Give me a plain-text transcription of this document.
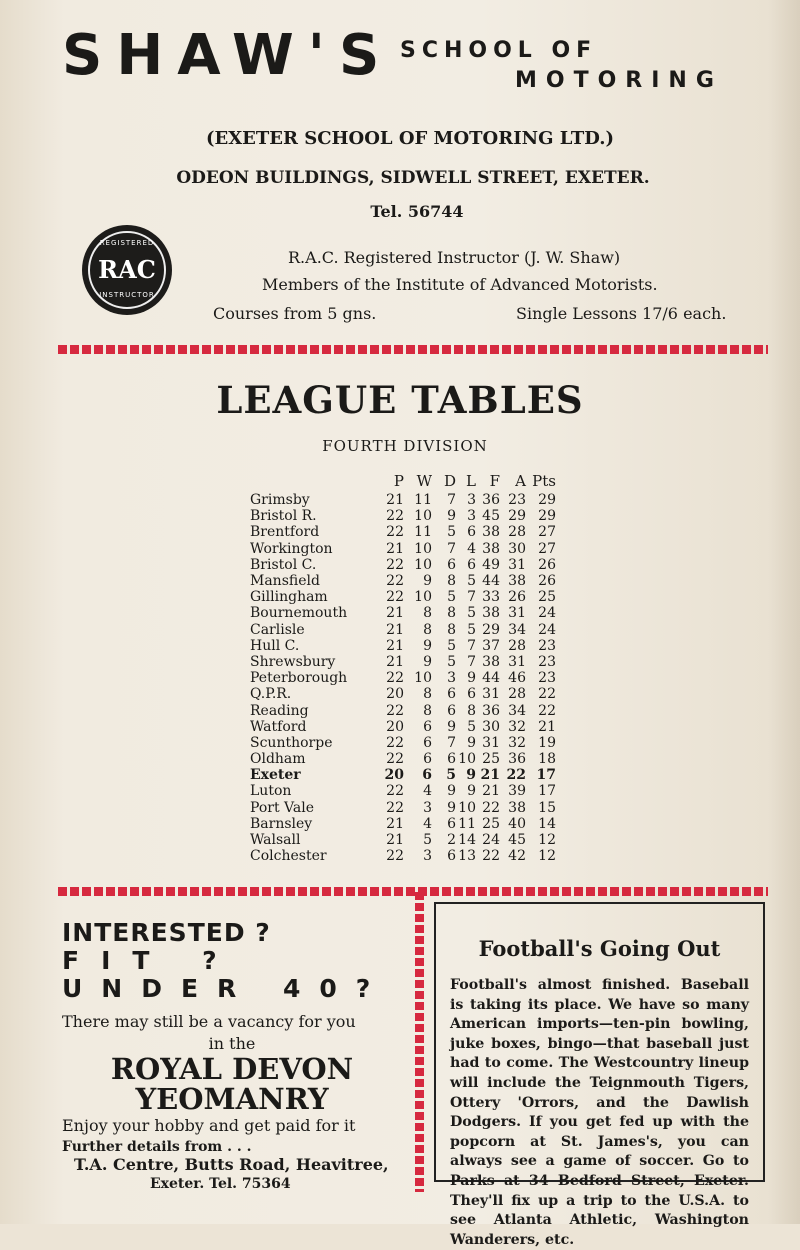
SHAW'S SCHOOL OF
MOTORING
(EXETER SCHOOL OF MOTORING LTD.)
ODEON BUILDINGS, SIDWELL STREET, EXETER.
Tel. 56744
REGISTERED
RAC
INSTRUCTOR
R.A.C. Registered Instructor (J. W. Shaw)
Members of the Institute of Advanced Motorists.
Courses from 5 gns.	Single Lessons 17/6 each.
LEAGUE TABLES
FOURTH DIVISION
	P	W	D	L	F	A	Pts
Grimsby	21	11	7	3	36	23	29
Bristol R.	22	10	9	3	45	29	29
Brentford	22	11	5	6	38	28	27
Workington	21	10	7	4	38	30	27
Bristol C.	22	10	6	6	49	31	26
Mansfield	22	9	8	5	44	38	26
Gillingham	22	10	5	7	33	26	25
Bournemouth	21	8	8	5	38	31	24
Carlisle	21	8	8	5	29	34	24
Hull C.	21	9	5	7	37	28	23
Shrewsbury	21	9	5	7	38	31	23
Peterborough	22	10	3	9	44	46	23
Q.P.R.	20	8	6	6	31	28	22
Reading	22	8	6	8	36	34	22
Watford	20	6	9	5	30	32	21
Scunthorpe	22	6	7	9	31	32	19
Oldham	22	6	6	10	25	36	18
Exeter	20	6	5	9	21	22	17
Luton	22	4	9	9	21	39	17
Port Vale	22	3	9	10	22	38	15
Barnsley	21	4	6	11	25	40	14
Walsall	21	5	2	14	24	45	12
Colchester	22	3	6	13	22	42	12
INTERESTED ?
FIT ?
UNDER 40?
There may still be a vacancy for you
in the
ROYAL DEVON
YEOMANRY
Enjoy your hobby and get paid for it
Further details from . . .
T.A. Centre, Butts Road, Heavitree,
Exeter. Tel. 75364
Football's Going Out
Football's almost finished. Baseball is taking its place. We have so many American imports—ten-pin bowling, juke boxes, bingo—that baseball just had to come. The Westcountry lineup will include the Teignmouth Tigers, Ottery 'Orrors, and the Dawlish Dodgers. If you get fed up with the popcorn at St. James's, you can always see a game of soccer. Go to Parks at 34 Bedford Street, Exeter. They'll fix up a trip to the U.S.A. to see Atlanta Athletic, Washington Wanderers, etc.
